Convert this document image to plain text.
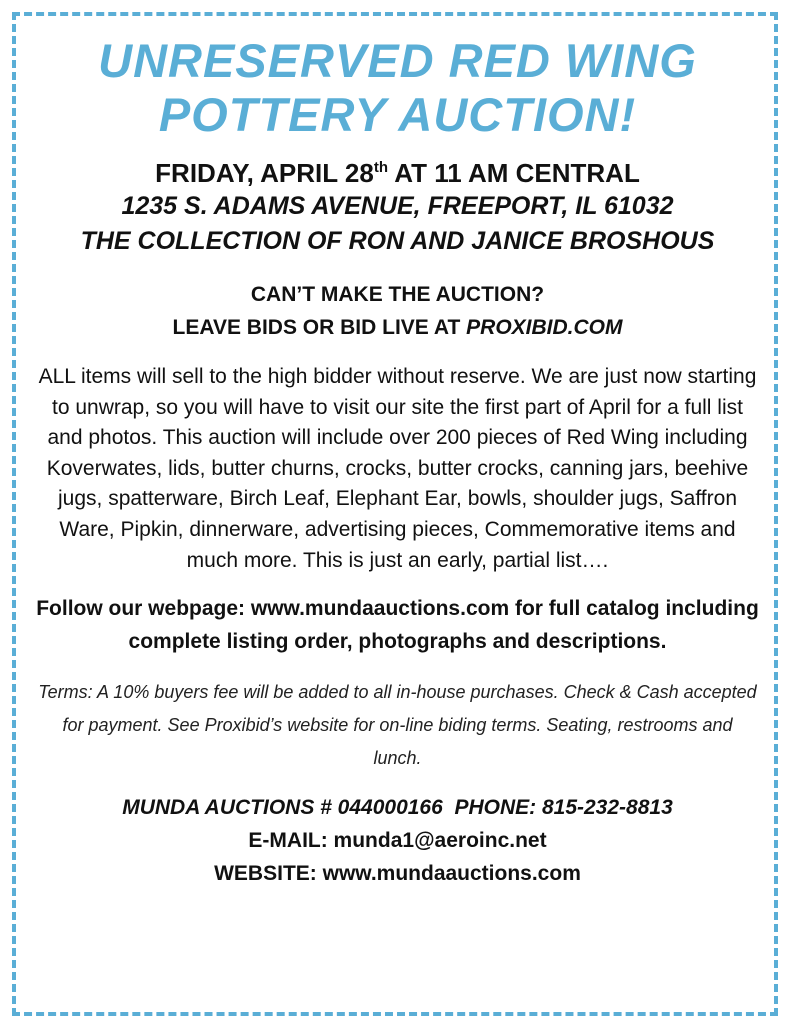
UNRESERVED RED WING
POTTERY AUCTION!
FRIDAY, APRIL 28th AT 11 AM CENTRAL
1235 S. ADAMS AVENUE, FREEPORT, IL 61032
THE COLLECTION OF RON AND JANICE BROSHOUS
CAN’T MAKE THE AUCTION?
LEAVE BIDS OR BID LIVE AT PROXIBID.COM
ALL items will sell to the high bidder without reserve. We are just now starting to unwrap, so you will have to visit our site the first part of April for a full list and photos. This auction will include over 200 pieces of Red Wing including Koverwates, lids, butter churns, crocks, butter crocks, canning jars, beehive jugs, spatterware, Birch Leaf, Elephant Ear, bowls, shoulder jugs, Saffron Ware, Pipkin, dinnerware, advertising pieces, Commemorative items and much more. This is just an early, partial list….
Follow our webpage: www.mundaauctions.com for full catalog including complete listing order, photographs and descriptions.
Terms: A 10% buyers fee will be added to all in-house purchases. Check & Cash accepted for payment. See Proxibid’s website for on-line biding terms. Seating, restrooms and lunch.
MUNDA AUCTIONS # 044000166  PHONE: 815-232-8813
E-MAIL: munda1@aeroinc.net
WEBSITE: www.mundaauctions.com
